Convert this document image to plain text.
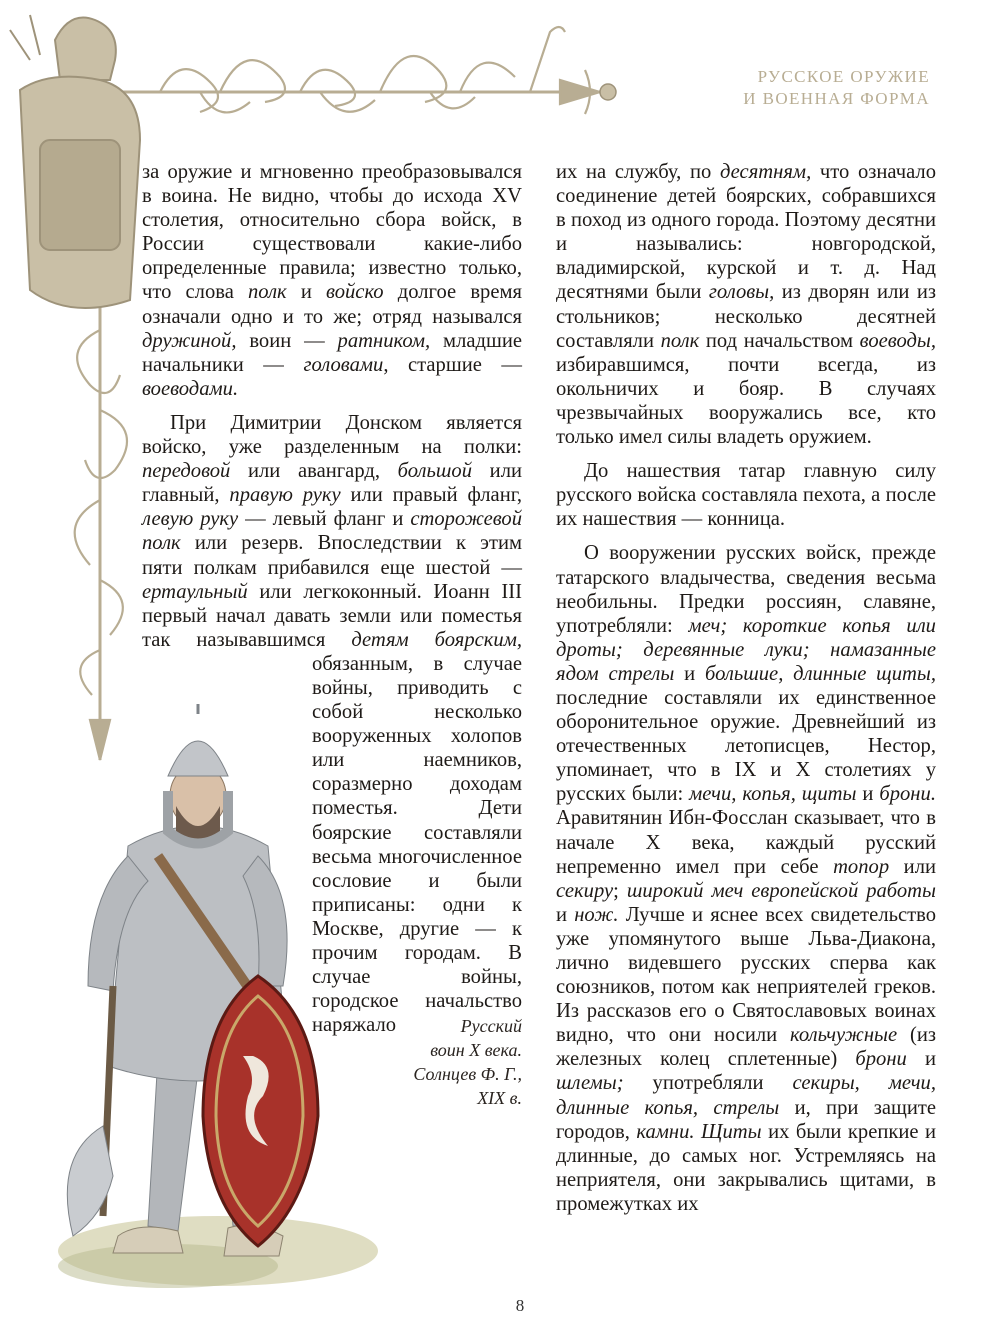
РУССКОЕ ОРУЖИЕ
И ВОЕННАЯ ФОРМА

за оружие и мгновенно преобразовывался в воина. Не видно, чтобы до исхода XV столетия, относительно сбора войск, в России существовали какие-либо определенные правила; известно только, что слова полк и войско долгое время означали одно и то же; отряд назывался дружиной, воин — ратником, младшие начальники — головами, старшие — воеводами.

При Димитрии Донском является войско, уже разделенным на полки: передовой или авангард, большой или главный, правую руку или правый фланг, левую руку — левый фланг и сторожевой полк или резерв. Впоследствии к этим пяти полкам прибавился еще шестой — ертаульный или легкоконный. Иоанн III первый начал давать земли или поместья так называвшимся детям боярским, обязанным, в случае войны, приводить с собой несколько вооруженных холопов или наемников, соразмерно доходам поместья. Дети боярские составляли весьма многочисленное сословие и были приписаны: одни к Москве, другие — к прочим городам. В случае войны, городское начальство наряжало

их на службу, по десятням, что означало соединение детей боярских, собравшихся в поход из одного города. Поэтому десятни и назывались: новгородской, владимирской, курской и т. д. Над десятнями были головы, из дворян или из стольников; несколько десятней составляли полк под начальством воеводы, избиравшимся, почти всегда, из окольничих и бояр. В случаях чрезвычайных вооружались все, кто только имел силы владеть оружием.

До нашествия татар главную силу русского войска составляла пехота, а после их нашествия — конница.

О вооружении русских войск, прежде татарского владычества, сведения весьма необильны. Предки россиян, славяне, употребляли: меч; короткие копья или дроты; деревянные луки; намазанные ядом стрелы и большие, длинные щиты, последние составляли их единственное оборонительное оружие. Древнейший из отечественных летописцев, Нестор, упоминает, что в IX и X столетиях у русских были: мечи, копья, щиты и брони. Аравитянин Ибн-Фосслан сказывает, что в начале X века, каждый русский непременно имел при себе топор или секиру; широкий меч европейской работы и нож. Лучше и яснее всех свидетельство уже упомянутого выше Льва-Диакона, лично видевшего русских сперва как союзников, потом как неприятелей греков. Из рассказов его о Святославовых воинах видно, что они носили кольчужные (из железных колец сплетенные) брони и шлемы; употребляли секиры, мечи, длинные копья, стрелы и, при защите городов, камни. Щиты их были крепкие и длинные, до самых ног. Устремляясь на неприятеля, они закрывались щитами, в промежутках их

Русский
воин X века.
Солнцев Ф. Г.,
XIX в.
8
